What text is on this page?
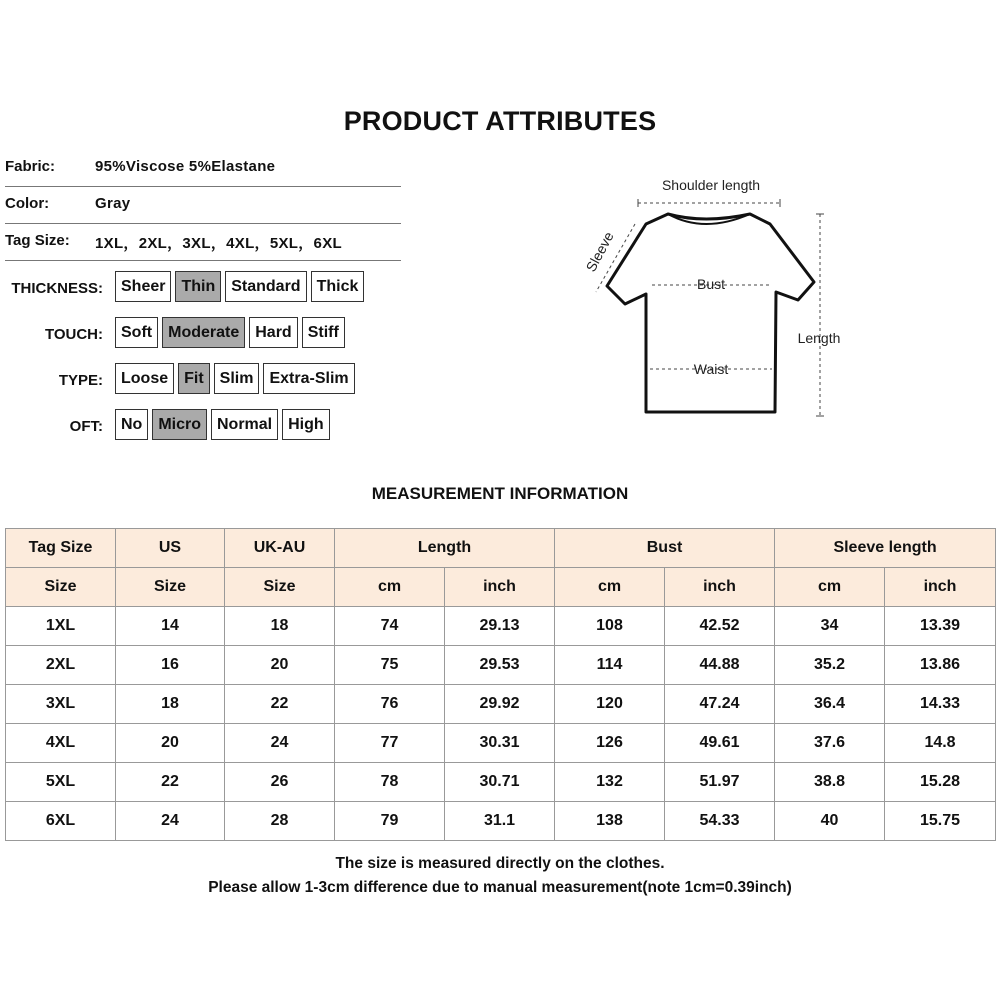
PRODUCT ATTRIBUTES
Fabric:	95%Viscose 5%Elastane
Color:	Gray
Tag Size: 1XL，2XL，3XL，4XL，5XL，6XL
THICKNESS:	Sheer	Thin	Standard	Thick
TOUCH:	Soft	Moderate	Hard	Stiff
TYPE:	Loose	Fit	Slim	Extra-Slim
OFT:	No	Micro	Normal	High
Shoulder length
Bust
Waist
Length
Sleeve
MEASUREMENT INFORMATION
Tag Size	US	UK-AU	Length		Bust		Sleeve length	
Size	Size	Size	cm	inch	cm	inch	cm	inch
1XL	14	18	74	29.13	108	42.52	34	13.39
2XL	16	20	75	29.53	114	44.88	35.2	13.86
3XL	18	22	76	29.92	120	47.24	36.4	14.33
4XL	20	24	77	30.31	126	49.61	37.6	14.8
5XL	22	26	78	30.71	132	51.97	38.8	15.28
6XL	24	28	79	31.1	138	54.33	40	15.75
The size is measured directly on the clothes.
Please allow 1-3cm difference due to manual measurement(note 1cm=0.39inch)
